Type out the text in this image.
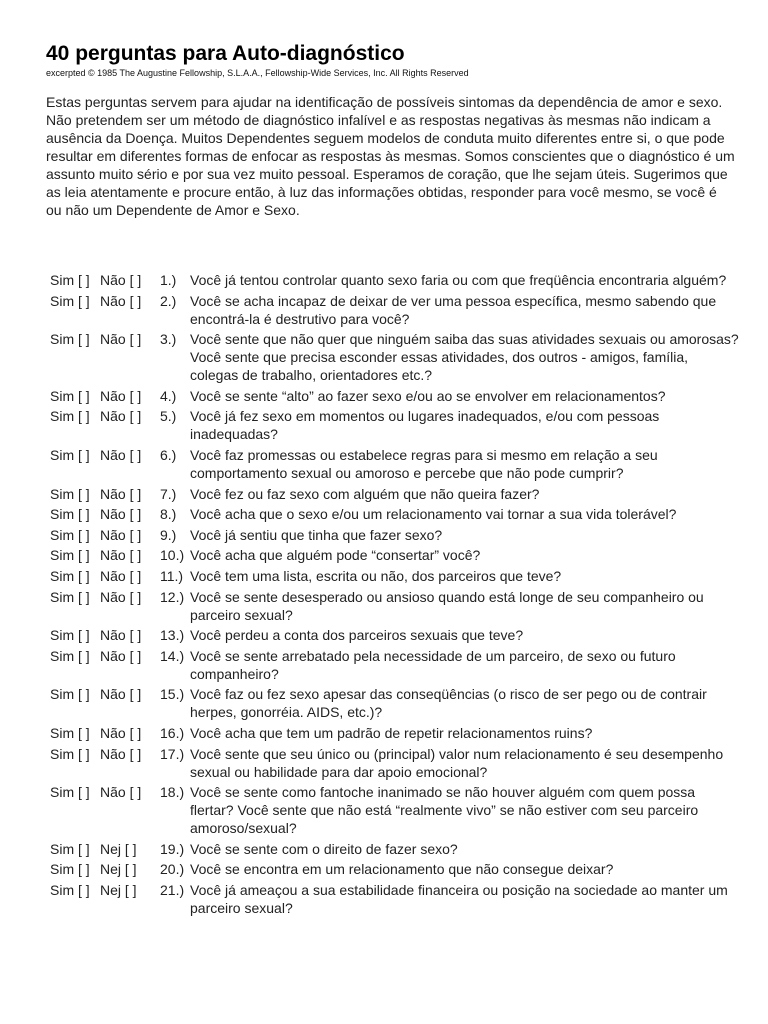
40 perguntas para Auto-diagnóstico

excerpted © 1985 The Augustine Fellowship, S.L.A.A., Fellowship-Wide Services, Inc. All Rights Reserved

Estas perguntas servem para ajudar na identificação de possíveis sintomas da dependência de amor e sexo. Não pretendem ser um método de diagnóstico infalível e as respostas negativas às mesmas não indicam a ausência da Doença. Muitos Dependentes seguem modelos de conduta muito diferentes entre si, o que pode resultar em diferentes formas de enfocar as respostas às mesmas. Somos conscientes que o diagnóstico é um assunto muito sério e por sua vez muito pessoal. Esperamos de coração, que lhe sejam úteis. Sugerimos que as leia atentamente e procure então, à luz das informações obtidas, responder para você mesmo, se você é ou não um Dependente de Amor e Sexo.

Sim [ ] Não [ ]	1.) Você já tentou controlar quanto sexo faria ou com que freqüência encontraria alguém?
Sim [ ] Não [ ]	2.) Você se acha incapaz de deixar de ver uma pessoa específica, mesmo sabendo que encontrá-la é destrutivo para você?
Sim [ ] Não [ ]	3.) Você sente que não quer que ninguém saiba das suas atividades sexuais ou amorosas? Você sente que precisa esconder essas atividades, dos outros - amigos, família, colegas de trabalho, orientadores etc.?
Sim [ ] Não [ ]	4.) Você se sente “alto” ao fazer sexo e/ou ao se envolver em relacionamentos?
Sim [ ] Não [ ]	5.) Você já fez sexo em momentos ou lugares inadequados, e/ou com pessoas inadequadas?
Sim [ ] Não [ ]	6.) Você faz promessas ou estabelece regras para si mesmo em relação a seu comportamento sexual ou amoroso e percebe que não pode cumprir?
Sim [ ] Não [ ]	7.) Você fez ou faz sexo com alguém que não queira fazer?
Sim [ ] Não [ ]	8.) Você acha que o sexo e/ou um relacionamento vai tornar a sua vida tolerável?
Sim [ ] Não [ ]	9.) Você já sentiu que tinha que fazer sexo?
Sim [ ] Não [ ]	10.) Você acha que alguém pode “consertar” você?
Sim [ ] Não [ ]	11.) Você tem uma lista, escrita ou não, dos parceiros que teve?
Sim [ ] Não [ ]	12.) Você se sente desesperado ou ansioso quando está longe de seu companheiro ou parceiro sexual?
Sim [ ] Não [ ]	13.) Você perdeu a conta dos parceiros sexuais que teve?
Sim [ ] Não [ ]	14.) Você se sente arrebatado pela necessidade de um parceiro, de sexo ou futuro companheiro?
Sim [ ] Não [ ]	15.) Você faz ou fez sexo apesar das conseqüências (o risco de ser pego ou de contrair herpes, gonorréia. AIDS, etc.)?
Sim [ ] Não [ ]	16.) Você acha que tem um padrão de repetir relacionamentos ruins?
Sim [ ] Não [ ]	17.) Você sente que seu único ou (principal) valor num relacionamento é seu desempenho sexual ou habilidade para dar apoio emocional?
Sim [ ] Não [ ]	18.) Você se sente como fantoche inanimado se não houver alguém com quem possa flertar? Você sente que não está “realmente vivo” se não estiver com seu parceiro amoroso/sexual?
Sim [ ] Nej [ ]	19.) Você se sente com o direito de fazer sexo?
Sim [ ] Nej [ ]	20.) Você se encontra em um relacionamento que não consegue deixar?
Sim [ ] Nej [ ]	21.) Você já ameaçou a sua estabilidade financeira ou posição na sociedade ao manter um parceiro sexual?
